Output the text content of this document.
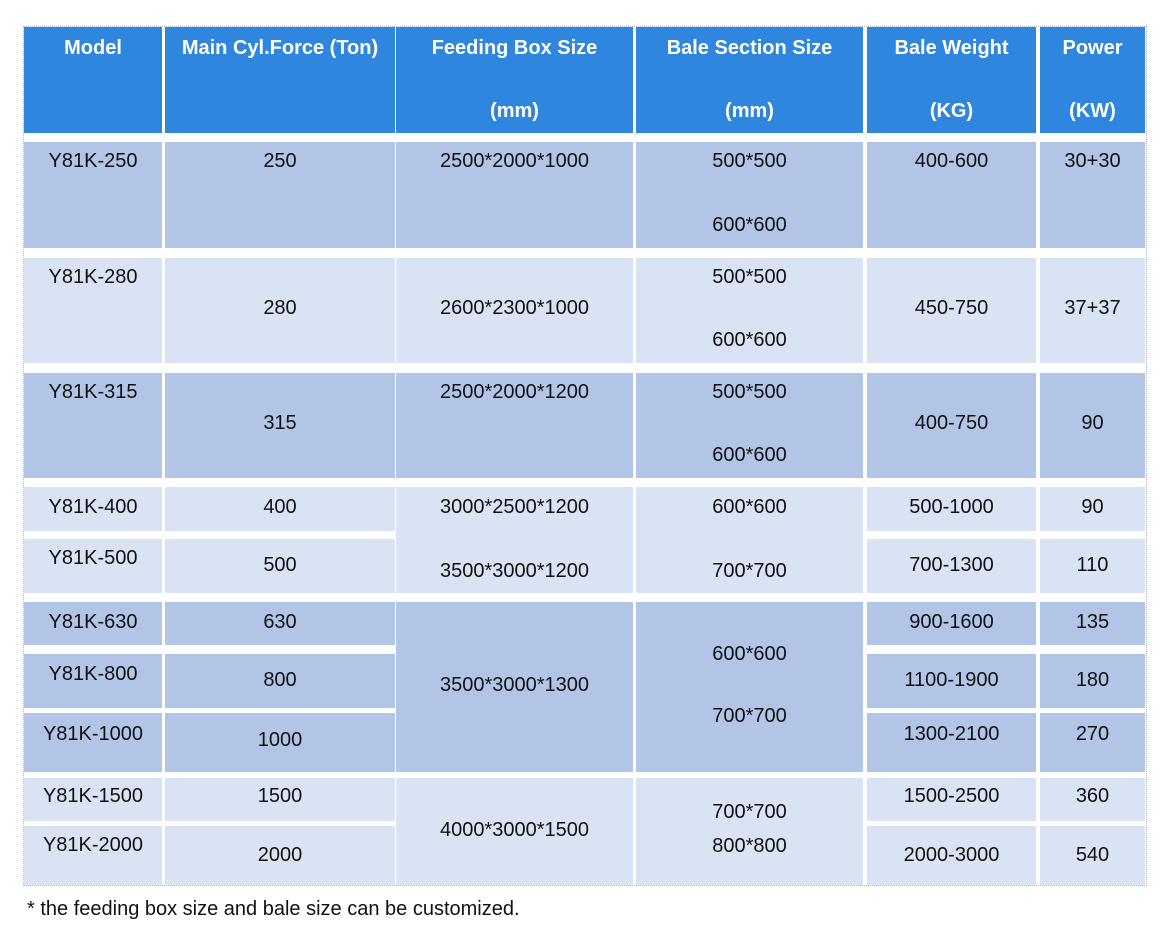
Model	Main Cyl.Force (Ton)	Feeding Box Size
(mm)
Bale Section Size
(mm)
Bale Weight
(KG)
Power
(KW)
Y81K-250
Y81K-280
Y81K-315
Y81K-400
Y81K-500
Y81K-630
Y81K-800
Y81K-1000
Y81K-1500
Y81K-2000
250
280
315
400
500
630
800
1000
1500
2000
2500*2000*1000
2600*2300*1000
2500*2000*1200
3000*2500*1200
3500*3000*1200
3500*3000*1300
4000*3000*1500
500*500
600*600
500*500
600*600
500*500
600*600
600*600
700*700
600*600
700*700
700*700
800*800
400-600
450-750
400-750
500-1000
700-1300
900-1600
1100-1900
1300-2100
1500-2500
2000-3000
30+30
37+37
90
90
110
135
180
270
360
540
* the feeding box size and bale size can be customized.
